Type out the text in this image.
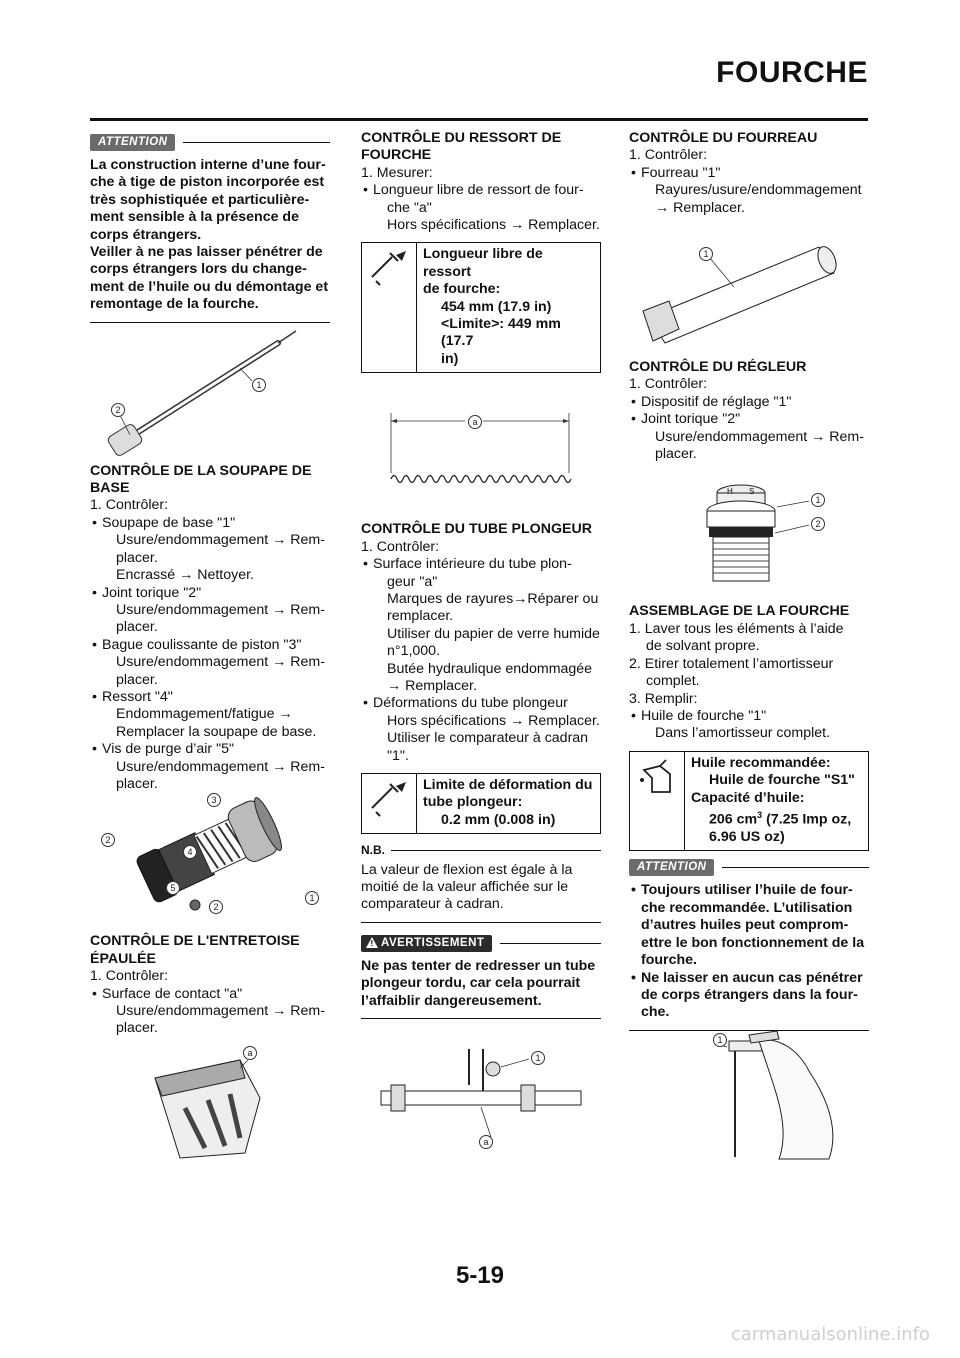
FOURCHE
ATTENTION
La construction interne d’une four-
che à tige de piston incorporée est
très sophistiquée et particulière-
ment sensible à la présence de
corps étrangers.
Veiller à ne pas laisser pénétrer de
corps étrangers lors du change-
ment de l’huile ou du démontage et
remontage de la fourche.
1
2
CONTRÔLE DE LA SOUPAPE DE
BASE
1. Contrôler:
• Soupape de base "1"
Usure/endommagement → Rem-
placer.
Encrassé → Nettoyer.
• Joint torique "2"
Usure/endommagement → Rem-
placer.
• Bague coulissante de piston "3"
Usure/endommagement → Rem-
placer.
• Ressort "4"
Endommagement/fatigue →
Remplacer la soupape de base.
• Vis de purge d’air "5"
Usure/endommagement → Rem-
placer.
3
2
4
5
2
1
CONTRÔLE DE L'ENTRETOISE
ÉPAULÉE
1. Contrôler:
• Surface de contact "a"
Usure/endommagement → Rem-
placer.
a
CONTRÔLE DU RESSORT DE
FOURCHE
1. Mesurer:
• Longueur libre de ressort de four-
che "a"
Hors spécifications → Remplacer.
Longueur libre de ressort
de fourche:
454 mm (17.9 in)
<Limite>: 449 mm (17.7
in)
a
CONTRÔLE DU TUBE PLONGEUR
1. Contrôler:
• Surface intérieure du tube plon-
geur "a"
Marques de rayures→Réparer ou
remplacer.
Utiliser du papier de verre humide
n°1,000.
Butée hydraulique endommagée
→ Remplacer.
• Déformations du tube plongeur
Hors spécifications → Remplacer.
Utiliser le comparateur à cadran
"1".
Limite de déformation du
tube plongeur:
0.2 mm (0.008 in)
N.B.
La valeur de flexion est égale à la
moitié de la valeur affichée sur le
comparateur à cadran.
! AVERTISSEMENT
Ne pas tenter de redresser un tube
plongeur tordu, car cela pourrait
l’affaiblir dangereusement.
1
a
CONTRÔLE DU FOURREAU
1. Contrôler:
• Fourreau "1"
Rayures/usure/endommagement
→ Remplacer.
1
CONTRÔLE DU RÉGLEUR
1. Contrôler:
• Dispositif de réglage "1"
• Joint torique "2"
Usure/endommagement → Rem-
placer.
H S
1
2
ASSEMBLAGE DE LA FOURCHE
1. Laver tous les éléments à l’aide
de solvant propre.
2. Etirer totalement l’amortisseur
complet.
3. Remplir:
• Huile de fourche "1"
Dans l’amortisseur complet.
Huile recommandée:
Huile de fourche "S1"
Capacité d’huile:
206 $cm^3$ (7.25 Imp oz,
6.96 US oz)
ATTENTION
• Toujours utiliser l’huile de four-
che recommandée. L’utilisation
d’autres huiles peut comprom-
ettre le bon fonctionnement de la
fourche.
• Ne laisser en aucun cas pénétrer
de corps étrangers dans la four-
che.
1
5-19
carmanualsonline.info
